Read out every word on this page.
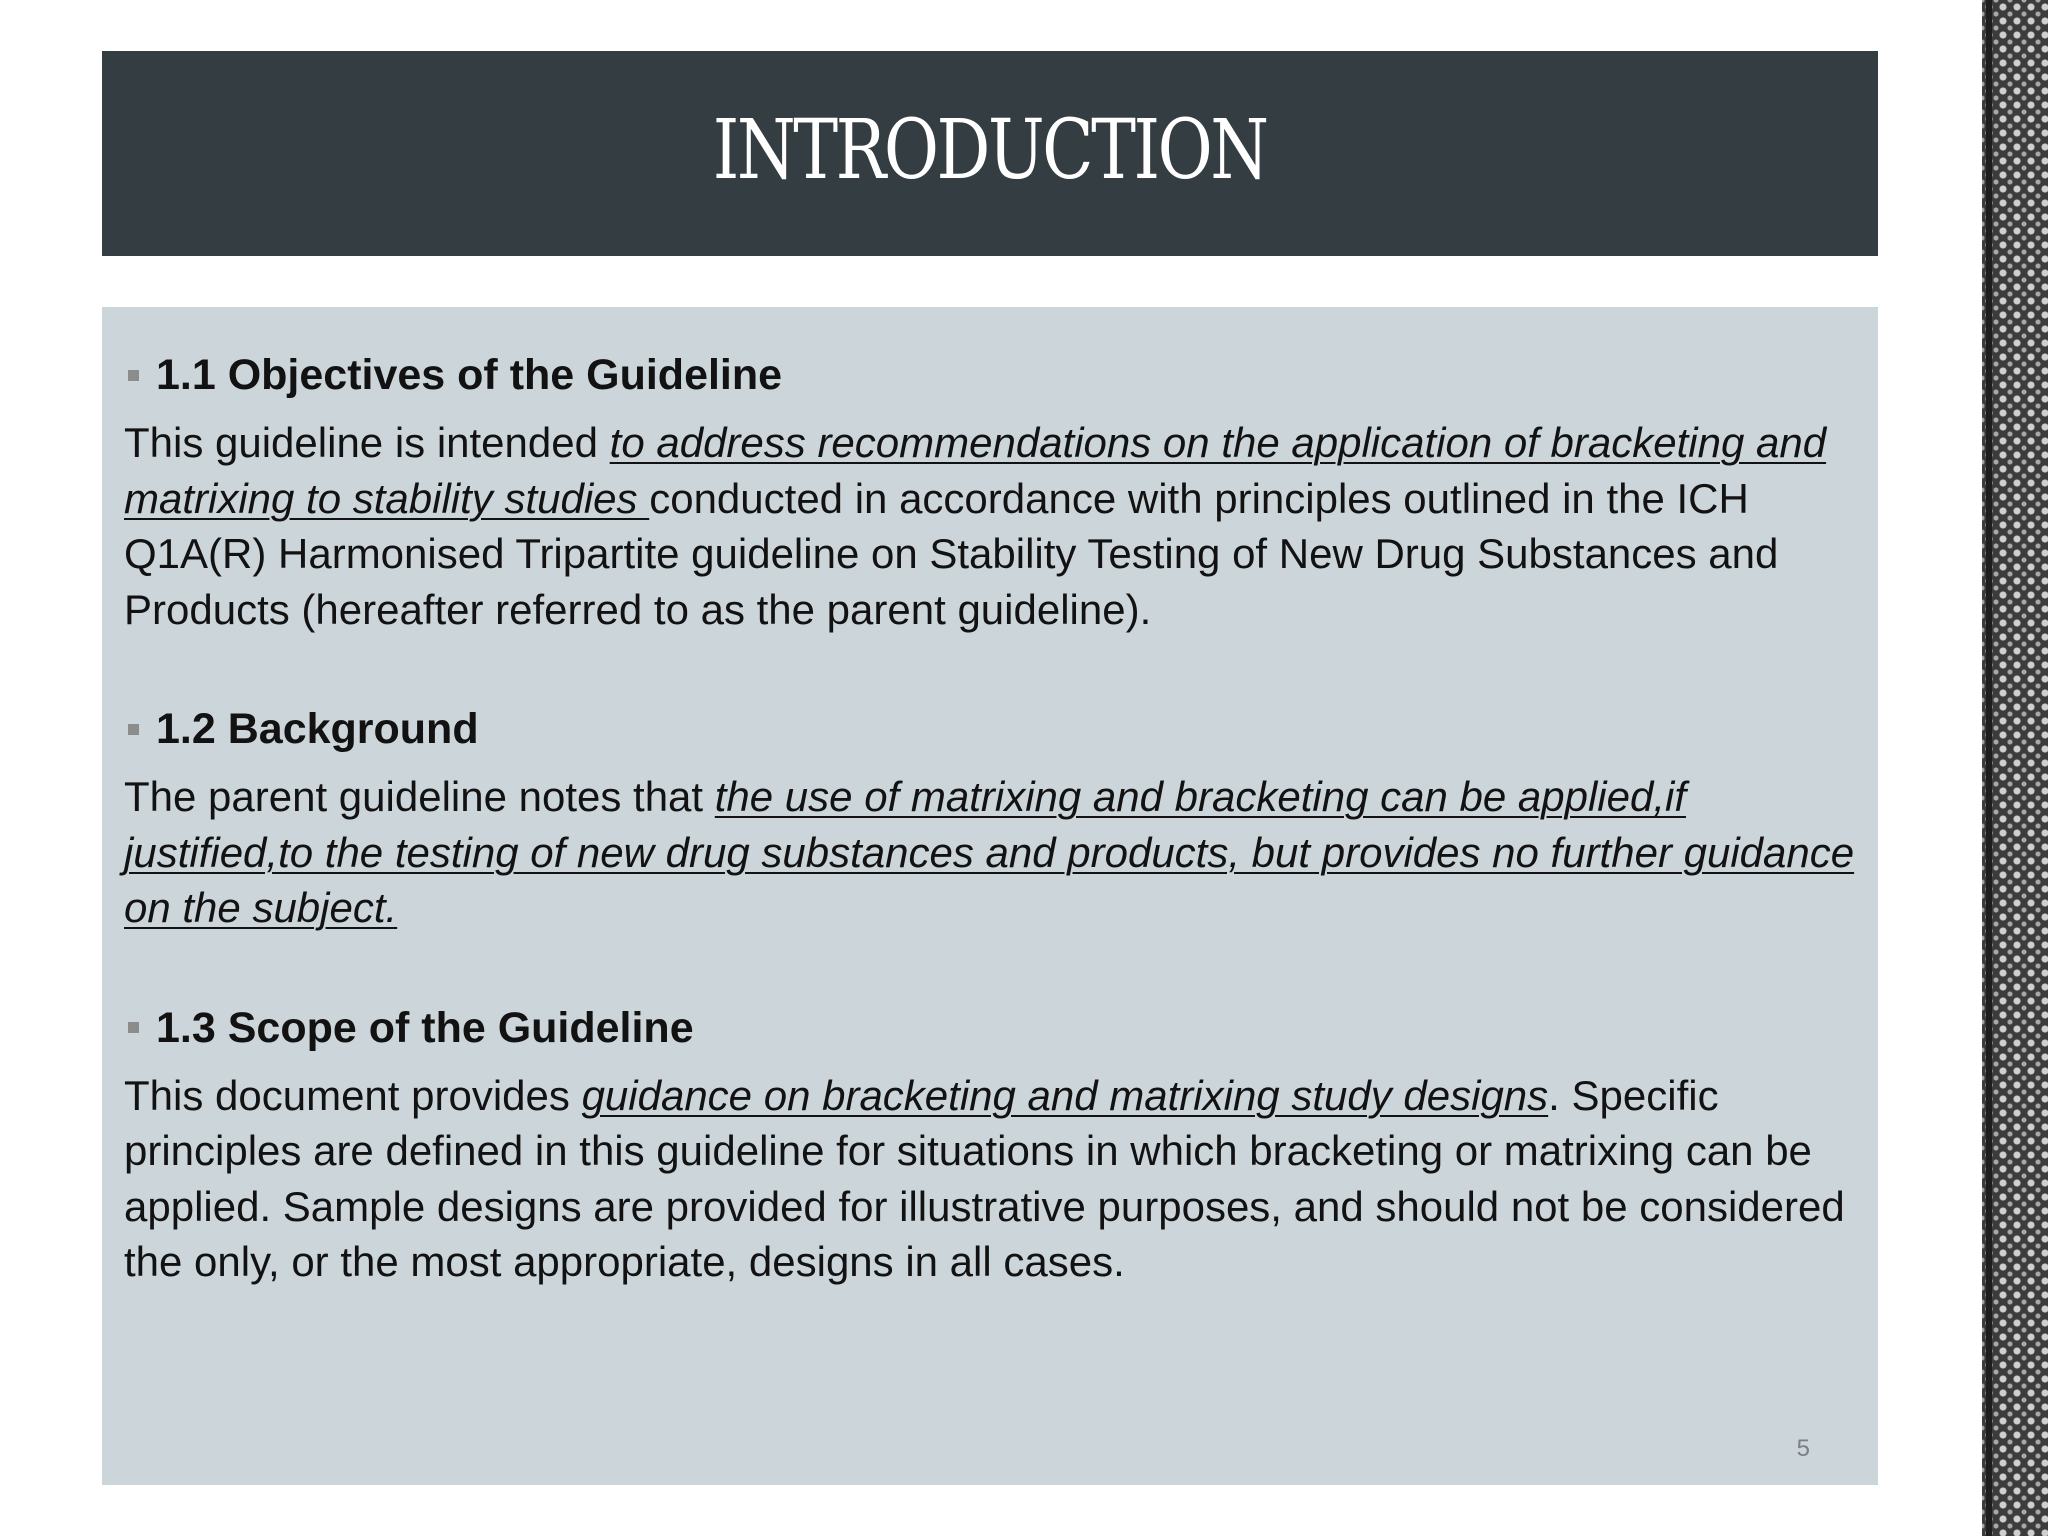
INTRODUCTION
1.1 Objectives of the Guideline
This guideline is intended to address recommendations on the application of bracketing and matrixing to stability studies conducted in accordance with principles outlined in the ICH Q1A(R) Harmonised Tripartite guideline on Stability Testing of New Drug Substances and Products (hereafter referred to as the parent guideline).
1.2 Background
The parent guideline notes that the use of matrixing and bracketing can be applied,if justified,to the testing of new drug substances and products, but provides no further guidance on the subject.
1.3 Scope of the Guideline
This document provides guidance on bracketing and matrixing study designs. Specific principles are defined in this guideline for situations in which bracketing or matrixing can be applied. Sample designs are provided for illustrative purposes, and should not be considered the only, or the most appropriate, designs in all cases.
5
